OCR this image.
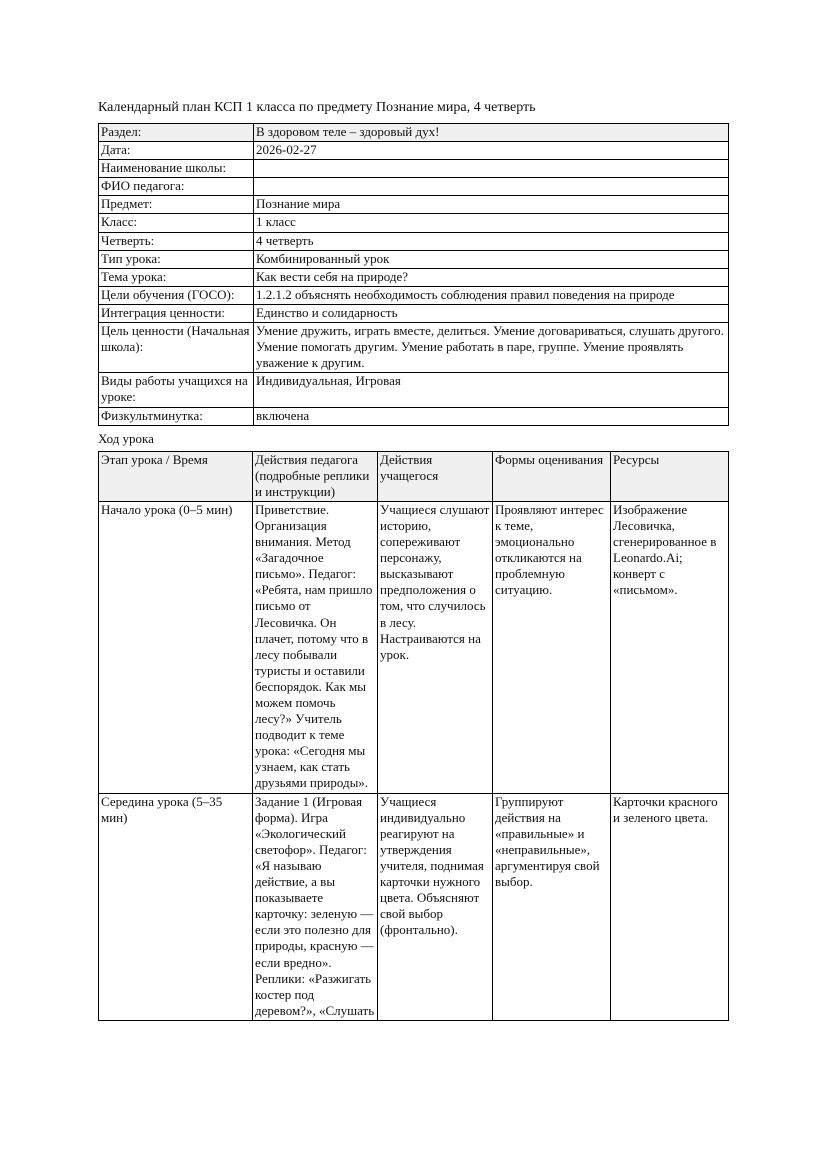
Календарный план КСП 1 класса по предмету Познание мира, 4 четверть
Раздел:	В здоровом теле – здоровый дух!
Дата:	2026-02-27
Наименование школы:	
ФИО педагога:	
Предмет:	Познание мира
Класс:	1 класс
Четверть:	4 четверть
Тип урока:	Комбинированный урок
Тема урока:	Как вести себя на природе?
Цели обучения (ГОСО):	1.2.1.2 объяснять необходимость соблюдения правил поведения на природе
Интеграция ценности:	Единство и солидарность
Цель ценности (Начальная школа):	Умение дружить, играть вместе, делиться. Умение договариваться, слушать другого. Умение помогать другим. Умение работать в паре, группе. Умение проявлять уважение к другим.
Виды работы учащихся на уроке:	Индивидуальная, Игровая
Физкультминутка:	включена
Ход урока
Этап урока / Время	Действия педагога (подробные реплики и инструкции)	Действия учащегося	Формы оценивания	Ресурсы
Начало урока (0–5 мин)	Приветствие. Организация внимания. Метод «Загадочное письмо». Педагог: «Ребята, нам пришло письмо от Лесовичка. Он плачет, потому что в лесу побывали туристы и оставили беспорядок. Как мы можем помочь лесу?» Учитель подводит к теме урока: «Сегодня мы узнаем, как стать друзьями природы».	Учащиеся слушают историю, сопереживают персонажу, высказывают предположения о том, что случилось в лесу. Настраиваются на урок.	Проявляют интерес к теме, эмоционально откликаются на проблемную ситуацию.	Изображение Лесовичка, сгенерированное в Leonardo.Ai; конверт с «письмом».
Середина урока (5–35 мин)	Задание 1 (Игровая форма). Игра «Экологический светофор». Педагог: «Я называю действие, а вы показываете карточку: зеленую — если это полезно для природы, красную — если вредно». Реплики: «Разжигать костер под деревом?», «Слушать	Учащиеся индивидуально реагируют на утверждения учителя, поднимая карточки нужного цвета. Объясняют свой выбор (фронтально).	Группируют действия на «правильные» и «неправильные», аргументируя свой выбор.	Карточки красного и зеленого цвета.
